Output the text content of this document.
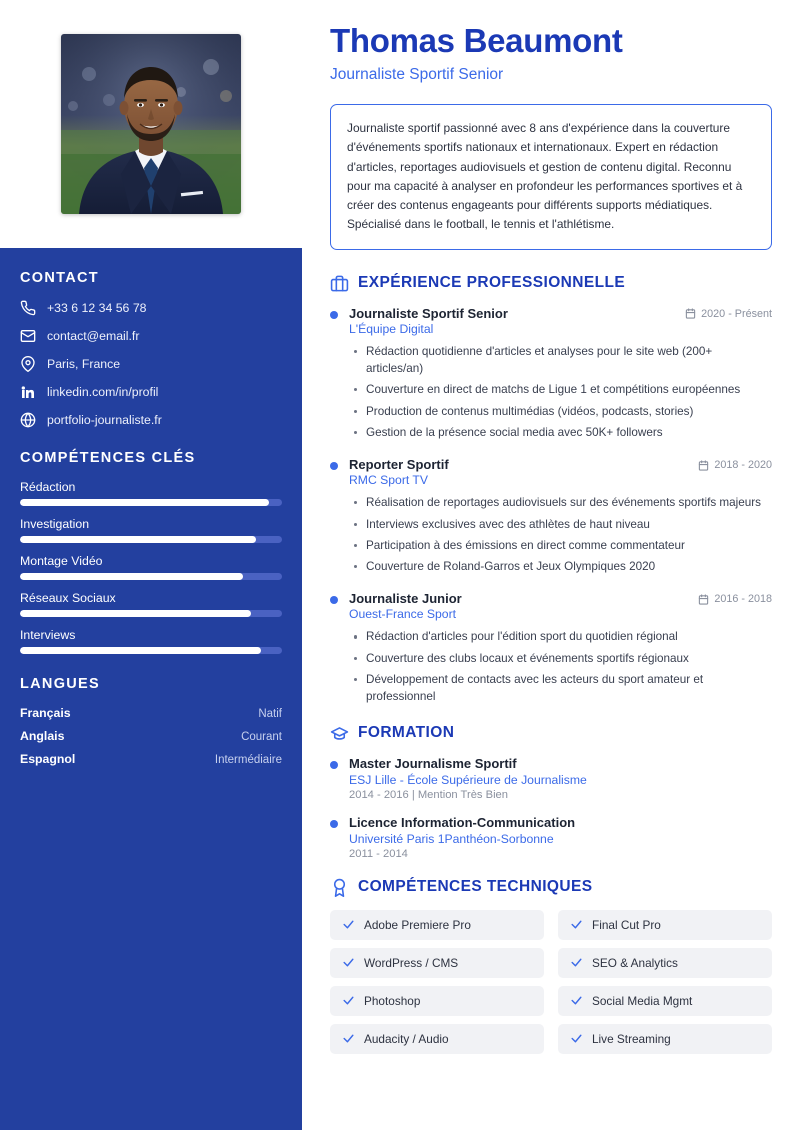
CONTACT
+33 6 12 34 56 78
contact@email.fr
Paris, France
linkedin.com/in/profil
portfolio-journaliste.fr
COMPÉTENCES CLÉS
Rédaction
Investigation
Montage Vidéo
Réseaux Sociaux
Interviews
LANGUES
Français	Natif
Anglais	Courant
Espagnol	Intermédiaire
Thomas Beaumont
Journaliste Sportif Senior
Journaliste sportif passionné avec 8 ans d'expérience dans la couverture d'événements sportifs nationaux et internationaux. Expert en rédaction d'articles, reportages audiovisuels et gestion de contenu digital. Reconnu pour ma capacité à analyser en profondeur les performances sportives et à créer des contenus engageants pour différents supports médiatiques. Spécialisé dans le football, le tennis et l'athlétisme.
EXPÉRIENCE PROFESSIONNELLE
Journaliste Sportif Senior	2020 - Présent
L'Équipe Digital
Rédaction quotidienne d'articles et analyses pour le site web (200+ articles/an)
Couverture en direct de matchs de Ligue 1 et compétitions européennes
Production de contenus multimédias (vidéos, podcasts, stories)
Gestion de la présence social media avec 50K+ followers
Reporter Sportif	2018 - 2020
RMC Sport TV
Réalisation de reportages audiovisuels sur des événements sportifs majeurs
Interviews exclusives avec des athlètes de haut niveau
Participation à des émissions en direct comme commentateur
Couverture de Roland-Garros et Jeux Olympiques 2020
Journaliste Junior	2016 - 2018
Ouest-France Sport
Rédaction d'articles pour l'édition sport du quotidien régional
Couverture des clubs locaux et événements sportifs régionaux
Développement de contacts avec les acteurs du sport amateur et professionnel
FORMATION
Master Journalisme Sportif
ESJ Lille - École Supérieure de Journalisme
2014 - 2016 | Mention Très Bien
Licence Information-Communication
Université Paris 1Panthéon-Sorbonne
2011 - 2014
COMPÉTENCES TECHNIQUES
Adobe Premiere Pro	Final Cut Pro
WordPress / CMS	SEO & Analytics
Photoshop	Social Media Mgmt
Audacity / Audio	Live Streaming
